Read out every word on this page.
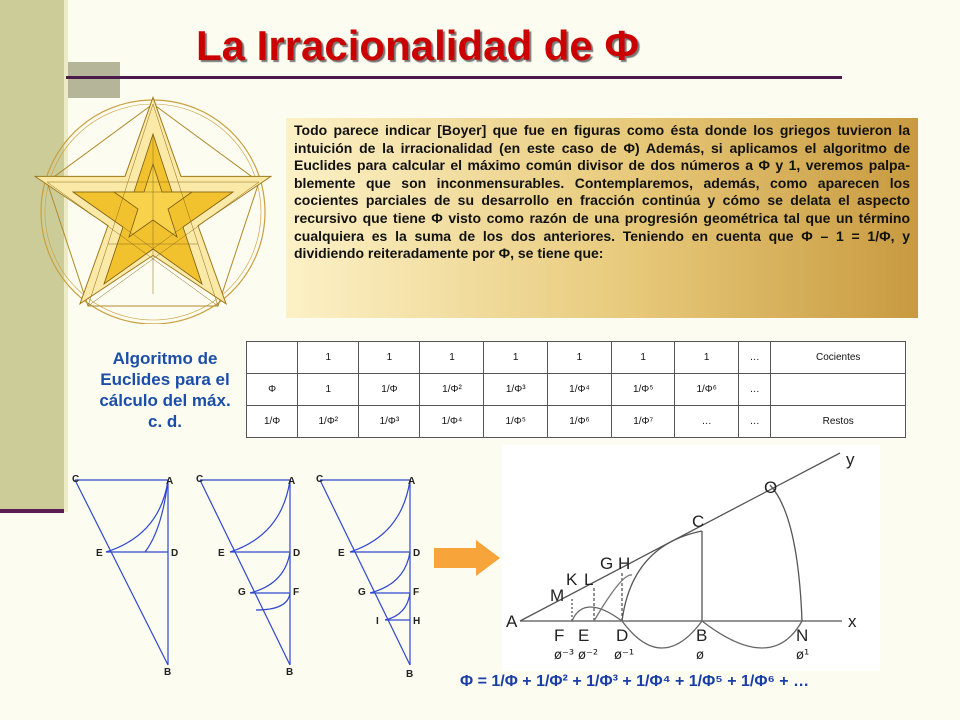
La Irracionalidad de Φ
Todo parece indicar [Boyer] que fue en figuras como ésta donde los griegos tuvieron la intuición de la irracionalidad (en este caso de Φ) Además, si aplicamos el algoritmo de Euclides para calcular el máximo común divisor de dos números a Φ y 1, veremos palpa-blemente que son inconmensurables. Contemplaremos, además, como aparecen los cocientes parciales de su desarrollo en fracción continúa y cómo se delata el aspecto recursivo que tiene Φ visto como razón de una progresión geométrica tal que un término cualquiera es la suma de los dos anteriores. Teniendo en cuenta que Φ – 1 = 1/Φ, y dividiendo reiteradamente por Φ, se tiene que:
Algoritmo de Euclides para el cálculo del máx. c. d.
	1	1	1	1	1	1	1	…	Cocientes
Φ	1	1/Φ	1/Φ²	1/Φ³	1/Φ⁴	1/Φ⁵	1/Φ⁶	…	
1/Φ	1/Φ²	1/Φ³	1/Φ⁴	1/Φ⁵	1/Φ⁶	1/Φ⁷	…	…	Restos
C	A
E	D
B
C	A
E	D
G	F
B
C	A
E	D
G	F
I	H
B
y
O
C
G H
K L
M
A	x
F E D	B	N
ø⁻³ ø⁻² ø⁻¹	ø	ø¹
Φ = 1/Φ + 1/Φ² + 1/Φ³ + 1/Φ⁴ + 1/Φ⁵ + 1/Φ⁶ + …
